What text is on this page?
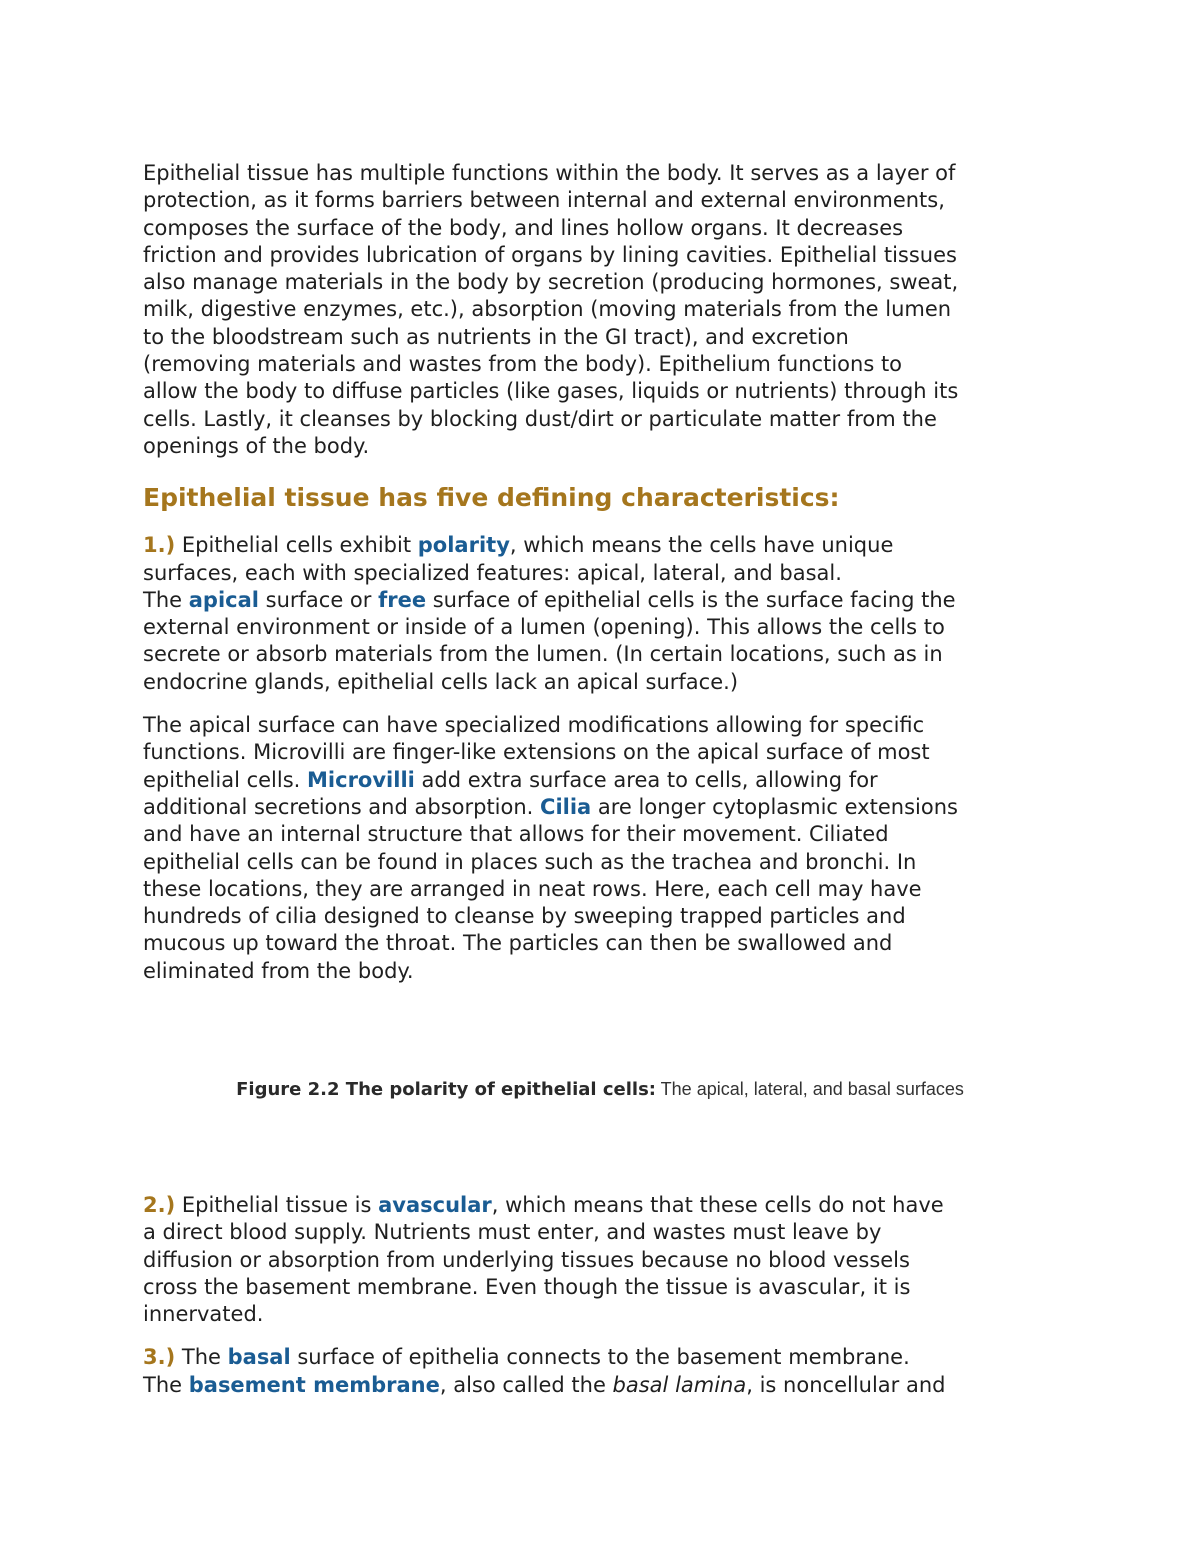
Epithelial tissue has multiple functions within the body. It serves as a layer of
protection, as it forms barriers between internal and external environments,
composes the surface of the body, and lines hollow organs. It decreases
friction and provides lubrication of organs by lining cavities. Epithelial tissues
also manage materials in the body by secretion (producing hormones, sweat,
milk, digestive enzymes, etc.), absorption (moving materials from the lumen
to the bloodstream such as nutrients in the GI tract), and excretion
(removing materials and wastes from the body). Epithelium functions to
allow the body to diffuse particles (like gases, liquids or nutrients) through its
cells. Lastly, it cleanses by blocking dust/dirt or particulate matter from the
openings of the body.
Epithelial tissue has five defining characteristics:
1.) Epithelial cells exhibit polarity, which means the cells have unique
surfaces, each with specialized features: apical, lateral, and basal.
The apical surface or free surface of epithelial cells is the surface facing the
external environment or inside of a lumen (opening). This allows the cells to
secrete or absorb materials from the lumen. (In certain locations, such as in
endocrine glands, epithelial cells lack an apical surface.)
The apical surface can have specialized modifications allowing for specific
functions. Microvilli are finger-like extensions on the apical surface of most
epithelial cells. Microvilli add extra surface area to cells, allowing for
additional secretions and absorption. Cilia are longer cytoplasmic extensions
and have an internal structure that allows for their movement. Ciliated
epithelial cells can be found in places such as the trachea and bronchi. In
these locations, they are arranged in neat rows. Here, each cell may have
hundreds of cilia designed to cleanse by sweeping trapped particles and
mucous up toward the throat. The particles can then be swallowed and
eliminated from the body.
Figure 2.2 The polarity of epithelial cells: The apical, lateral, and basal surfaces
2.) Epithelial tissue is avascular, which means that these cells do not have
a direct blood supply. Nutrients must enter, and wastes must leave by
diffusion or absorption from underlying tissues because no blood vessels
cross the basement membrane. Even though the tissue is avascular, it is
innervated.
3.) The basal surface of epithelia connects to the basement membrane.
The basement membrane, also called the basal lamina, is noncellular and
